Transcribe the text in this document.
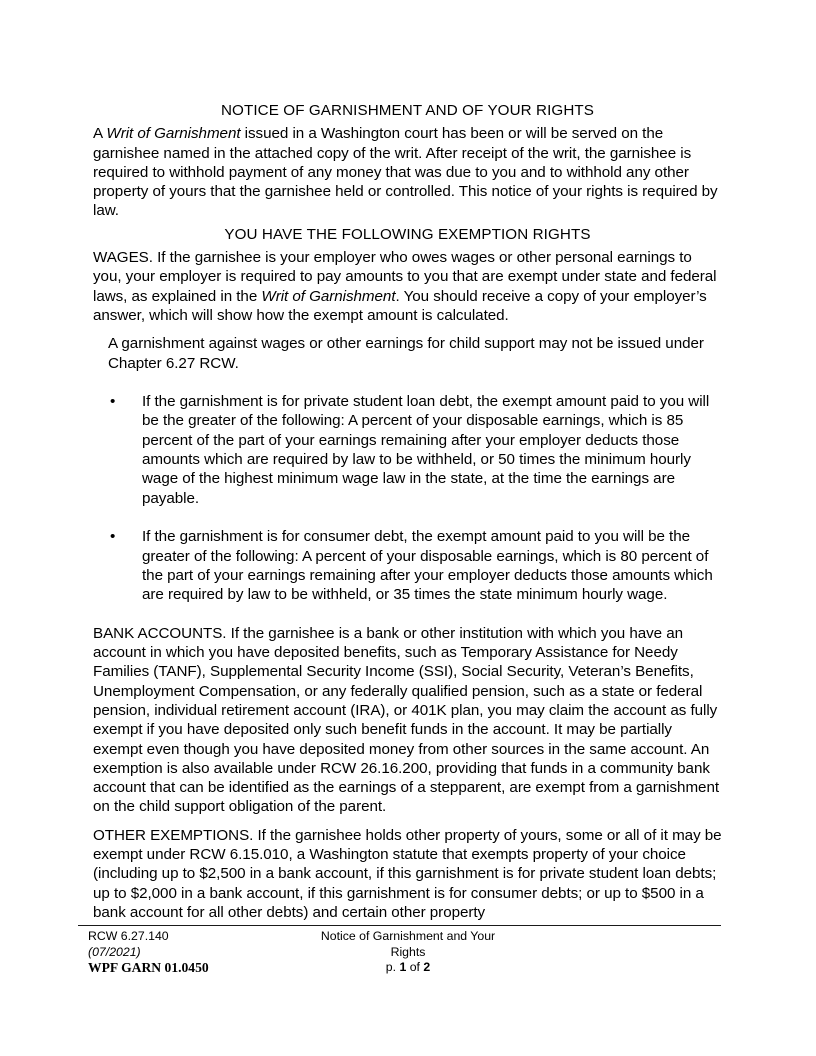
NOTICE OF GARNISHMENT AND OF YOUR RIGHTS

A Writ of Garnishment issued in a Washington court has been or will be served on the garnishee named in the attached copy of the writ. After receipt of the writ, the garnishee is required to withhold payment of any money that was due to you and to withhold any other property of yours that the garnishee held or controlled. This notice of your rights is required by law.

YOU HAVE THE FOLLOWING EXEMPTION RIGHTS

WAGES. If the garnishee is your employer who owes wages or other personal earnings to you, your employer is required to pay amounts to you that are exempt under state and federal laws, as explained in the Writ of Garnishment. You should receive a copy of your employer’s answer, which will show how the exempt amount is calculated.

A garnishment against wages or other earnings for child support may not be issued under Chapter 6.27 RCW.

• If the garnishment is for private student loan debt, the exempt amount paid to you will be the greater of the following: A percent of your disposable earnings, which is 85 percent of the part of your earnings remaining after your employer deducts those amounts which are required by law to be withheld, or 50 times the minimum hourly wage of the highest minimum wage law in the state, at the time the earnings are payable.
• If the garnishment is for consumer debt, the exempt amount paid to you will be the greater of the following: A percent of your disposable earnings, which is 80 percent of the part of your earnings remaining after your employer deducts those amounts which are required by law to be withheld, or 35 times the state minimum hourly wage.

BANK ACCOUNTS. If the garnishee is a bank or other institution with which you have an account in which you have deposited benefits, such as Temporary Assistance for Needy Families (TANF), Supplemental Security Income (SSI), Social Security, Veteran’s Benefits, Unemployment Compensation, or any federally qualified pension, such as a state or federal pension, individual retirement account (IRA), or 401K plan, you may claim the account as fully exempt if you have deposited only such benefit funds in the account. It may be partially exempt even though you have deposited money from other sources in the same account. An exemption is also available under RCW 26.16.200, providing that funds in a community bank account that can be identified as the earnings of a stepparent, are exempt from a garnishment on the child support obligation of the parent.

OTHER EXEMPTIONS. If the garnishee holds other property of yours, some or all of it may be exempt under RCW 6.15.010, a Washington statute that exempts property of your choice (including up to $2,500 in a bank account, if this garnishment is for private student loan debts; up to $2,000 in a bank account, if this garnishment is for consumer debts; or up to $500 in a bank account for all other debts) and certain other property

RCW 6.27.140
(07/2021)
WPF GARN 01.0450
Notice of Garnishment and Your
Rights
p. 1 of 2
